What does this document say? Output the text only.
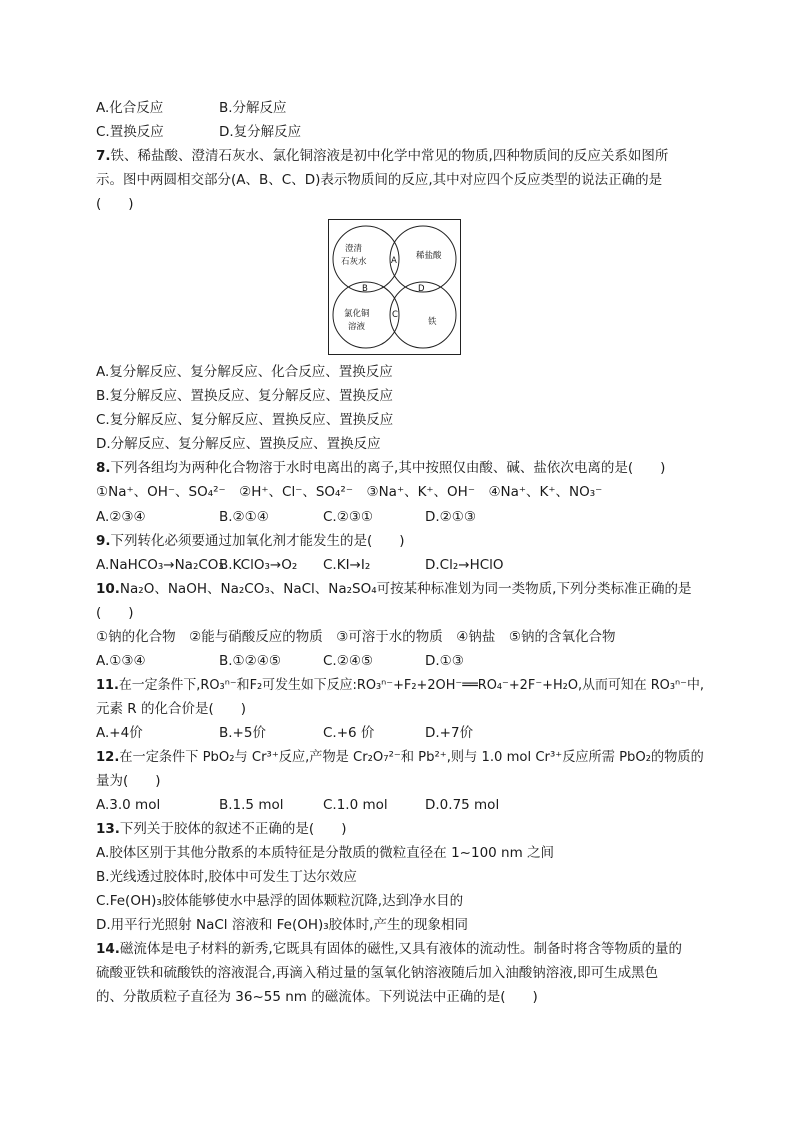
A.化合反应	B.分解反应
C.置换反应	D.复分解反应
7.铁、稀盐酸、澄清石灰水、氯化铜溶液是初中化学中常见的物质,四种物质间的反应关系如图所
示。图中两圆相交部分(A、B、C、D)表示物质间的反应,其中对应四个反应类型的说法正确的是
(　　)
澄清
石灰水
稀盐酸
氯化铜
溶液	铁
A
B
C
D
A.复分解反应、复分解反应、化合反应、置换反应
B.复分解反应、置换反应、复分解反应、置换反应
C.复分解反应、复分解反应、置换反应、置换反应
D.分解反应、复分解反应、置换反应、置换反应
8.下列各组均为两种化合物溶于水时电离出的离子,其中按照仅由酸、碱、盐依次电离的是(　　)
①Na⁺、OH⁻、SO₄²⁻　②H⁺、Cl⁻、SO₄²⁻　③Na⁺、K⁺、OH⁻　④Na⁺、K⁺、NO₃⁻
A.②③④	B.②①④	C.②③①	D.②①③
9.下列转化必须要通过加氧化剂才能发生的是(　　)
A.NaHCO₃→Na₂CO₃
B.KClO₃→O₂ C.KI→I₂	D.Cl₂→HClO
10.Na₂O、NaOH、Na₂CO₃、NaCl、Na₂SO₄可按某种标准划为同一类物质,下列分类标准正确的是
(　　)
①钠的化合物　②能与硝酸反应的物质　③可溶于水的物质　④钠盐　⑤钠的含氧化合物
A.①③④	B.①②④⑤	C.②④⑤	D.①③
11.在一定条件下,RO₃ⁿ⁻和F₂可发生如下反应:RO₃ⁿ⁻+F₂+2OH⁻══RO₄⁻+2F⁻+H₂O,从而可知在 RO₃ⁿ⁻中,
元素 R 的化合价是(　　)
A.+4价	B.+5价	C.+6 价	D.+7价
12.在一定条件下 PbO₂与 Cr³⁺反应,产物是 Cr₂O₇²⁻和 Pb²⁺,则与 1.0 mol Cr³⁺反应所需 PbO₂的物质的
量为(　　)
A.3.0 mol	B.1.5 mol	C.1.0 mol	D.0.75 mol
13.下列关于胶体的叙述不正确的是(　　)
A.胶体区别于其他分散系的本质特征是分散质的微粒直径在 1~100 nm 之间
B.光线透过胶体时,胶体中可发生丁达尔效应
C.Fe(OH)₃胶体能够使水中悬浮的固体颗粒沉降,达到净水目的
D.用平行光照射 NaCl 溶液和 Fe(OH)₃胶体时,产生的现象相同
14.磁流体是电子材料的新秀,它既具有固体的磁性,又具有液体的流动性。制备时将含等物质的量的
硫酸亚铁和硫酸铁的溶液混合,再滴入稍过量的氢氧化钠溶液随后加入油酸钠溶液,即可生成黑色
的、分散质粒子直径为 36~55 nm 的磁流体。下列说法中正确的是(　　)
